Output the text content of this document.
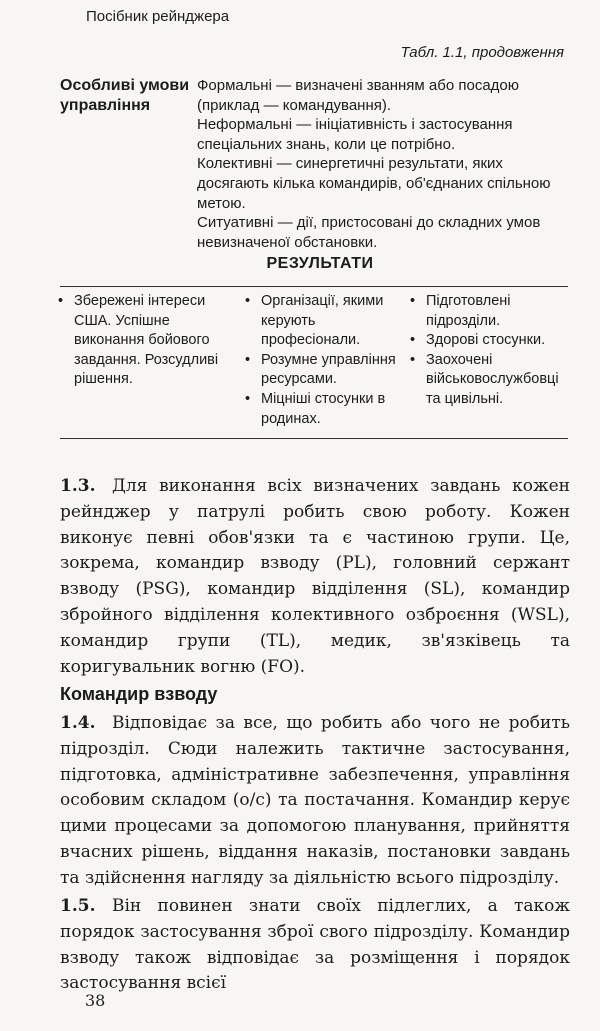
Посібник рейнджера
Табл. 1.1, продовження
Особливі умови управління

Формальні — визначені званням або посадою (приклад — командування).

Неформальні — ініціативність і застосування спеціальних знань, коли це потрібно.

Колективні — синергетичні результати, яких досягають кілька командирів, об'єднаних спільною метою.

Ситуативні — дії, пристосовані до складних умов невизначеної обстановки.

РЕЗУЛЬТАТИ
• Збережені інтереси США. Успішне виконання бойового завдання. Розсудливі рішення.
• Організації, якими керують професіонали.
• Розумне управління ресурсами.
• Міцніші стосунки в родинах.
• Підготовлені підрозділи.
• Здорові стосунки.
• Заохочені військовослужбовці та цивільні.

1.3. Для виконання всіх визначених завдань кожен рейнджер у патрулі робить свою роботу. Кожен виконує певні обов'язки та є частиною групи. Це, зокрема, командир взводу (PL), головний сержант взводу (PSG), командир відділення (SL), командир збройного відділення колективного озброєння (WSL), командир групи (TL), медик, зв'язківець та коригувальник вогню (FO).

Командир взводу

1.4. Відповідає за все, що робить або чого не робить підрозділ. Сюди належить тактичне застосування, підготовка, адміністративне забезпечення, управління особовим складом (о/с) та постачання. Командир керує цими процесами за допомогою планування, прийняття вчасних рішень, віддання наказів, постановки завдань та здійснення нагляду за діяльністю всього підрозділу.

1.5. Він повинен знати своїх підлеглих, а також порядок застосування зброї свого підрозділу. Командир взводу також відповідає за розміщення і порядок застосування всієї

38
